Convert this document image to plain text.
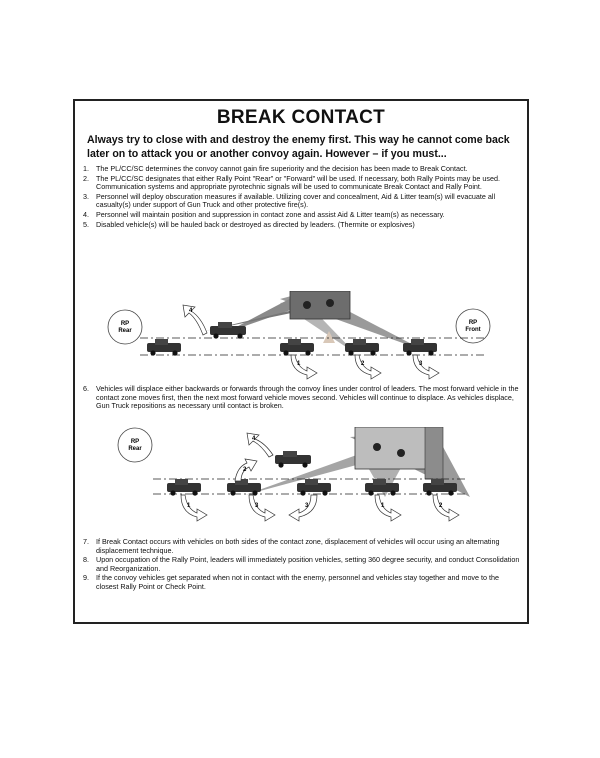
BREAK CONTACT
Always try to close with and destroy the enemy first. This way he cannot come back later on to attack you or another convoy again. However – if you must...
1. The PL/CC/SC determines the convoy cannot gain fire superiority and the decision has been made to Break Contact.
2. The PL/CC/SC designates that either Rally Point "Rear" or "Forward" will be used. If necessary, both Rally Points may be used. Communication systems and appropriate pyrotechnic signals will be used to communicate Break Contact and Rally Point.
3. Personnel will deploy obscuration measures if available. Utilizing cover and concealment, Aid & Litter team(s) will evacuate all casualty(s) under support of Gun Truck and other protective fire(s).
4. Personnel will maintain position and suppression in contact zone and assist Aid & Litter team(s) as necessary.
5. Disabled vehicle(s) will be hauled back or destroyed as directed by leaders. (Thermite or explosives)
RP
Rear
RP
Front
4
1	2	3
6. Vehicles will displace either backwards or forwards through the convoy lines under control of leaders. The most forward vehicle in the contact zone moves first, then the next most forward vehicle moves second. Vehicles will continue to displace. As vehicles displace, Gun Truck repositions as necessary until contact is broken.
RP
Rear
4
2
1	3	1	2
3
7. If Break Contact occurs with vehicles on both sides of the contact zone, displacement of vehicles will occur using an alternating displacement technique.
8. Upon occupation of the Rally Point, leaders will immediately position vehicles, setting 360 degree security, and conduct Consolidation and Reorganization.
9. If the convoy vehicles get separated when not in contact with the enemy, personnel and vehicles stay together and move to the closest Rally Point or Check Point.
